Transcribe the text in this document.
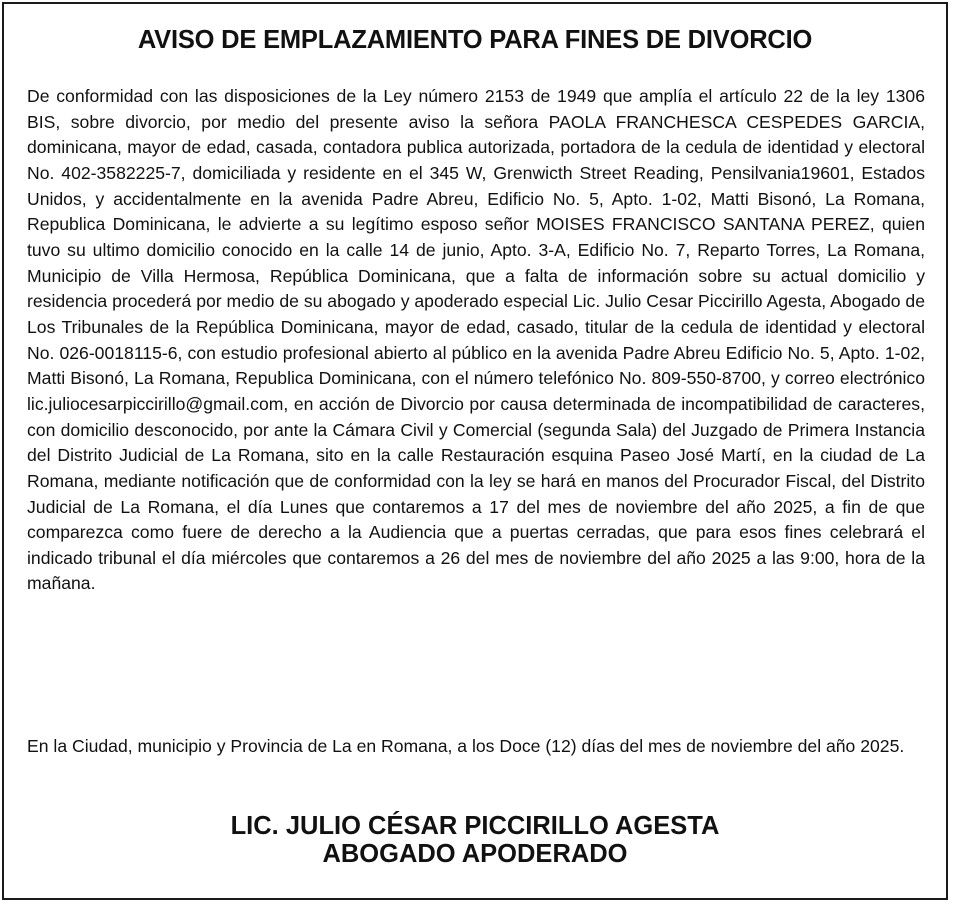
AVISO DE EMPLAZAMIENTO PARA FINES DE DIVORCIO

De conformidad con las disposiciones de la Ley número 2153 de 1949 que amplía el artículo 22 de la ley 1306 BIS, sobre divorcio, por medio del presente aviso la señora PAOLA FRANCHESCA CESPEDES GARCIA, dominicana, mayor de edad, casada, contadora publica autorizada, portadora de la cedula de identidad y electoral No. 402-3582225-7, domiciliada y residente en el 345 W, Grenwicth Street Reading, Pensilvania19601, Estados Unidos, y accidentalmente en la avenida Padre Abreu, Edificio No. 5, Apto. 1-02, Matti Bisonó, La Romana, Republica Dominicana, le advierte a su legítimo esposo señor MOISES FRANCISCO SANTANA PEREZ, quien tuvo su ultimo domicilio conocido en la calle 14 de junio, Apto. 3-A, Edificio No. 7, Reparto Torres, La Romana, Municipio de Villa Hermosa, República Dominicana, que a falta de información sobre su actual domicilio y residencia procederá por medio de su abogado y apoderado especial Lic. Julio Cesar Piccirillo Agesta, Abogado de Los Tribunales de la República Dominicana, mayor de edad, casado, titular de la cedula de identidad y electoral No. 026-0018115-6, con estudio profesional abierto al público en la avenida Padre Abreu Edificio No. 5, Apto. 1-02, Matti Bisonó, La Romana, Republica Dominicana, con el número telefónico No. 809-550-8700, y correo electrónico lic.juliocesarpiccirillo@gmail.com, en acción de Divorcio por causa determinada de incompatibilidad de caracteres, con domicilio desconocido, por ante la Cámara Civil y Comercial (segunda Sala) del Juzgado de Primera Instancia del Distrito Judicial de La Romana, sito en la calle Restauración esquina Paseo José Martí, en la ciudad de La Romana, mediante notificación que de conformidad con la ley se hará en manos del Procurador Fiscal, del Distrito Judicial de La Romana, el día Lunes que contaremos a 17 del mes de noviembre del año 2025, a fin de que comparezca como fuere de derecho a la Audiencia que a puertas cerradas, que para esos fines celebrará el indicado tribunal el día miércoles que contaremos a 26 del mes de noviembre del año 2025 a las 9:00, hora de la mañana.

En la Ciudad, municipio y Provincia de La en Romana, a los Doce (12) días del mes de noviembre del año 2025.

LIC. JULIO CÉSAR PICCIRILLO AGESTA
ABOGADO APODERADO
